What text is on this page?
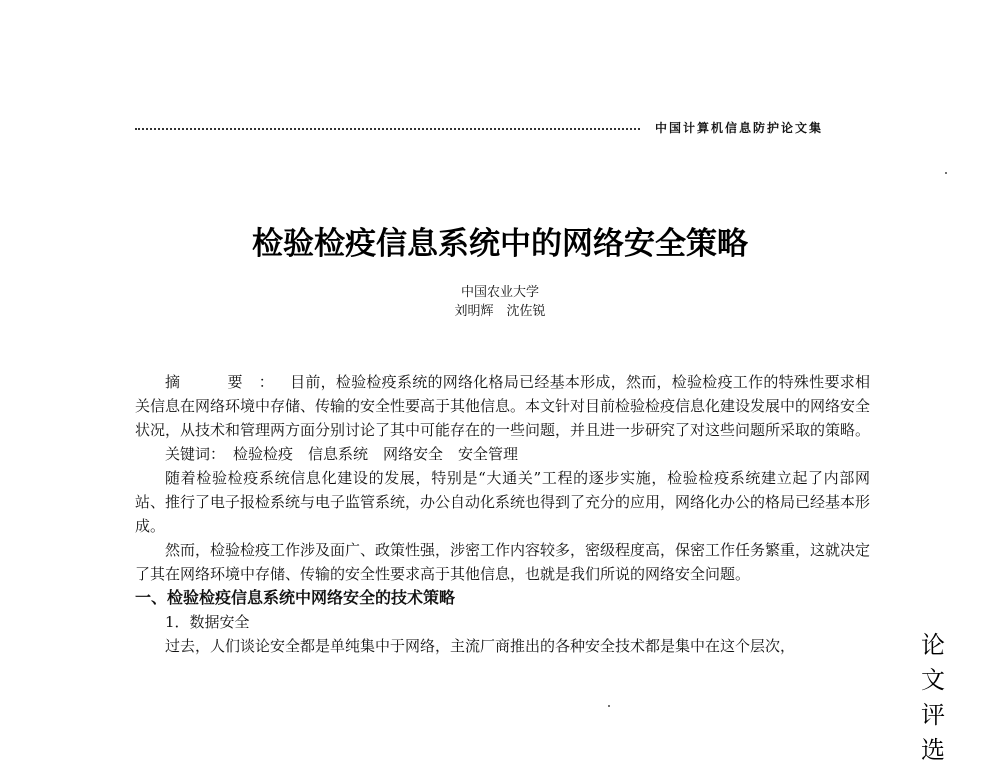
中国计算机信息防护论文集
检验检疫信息系统中的网络安全策略
中国农业大学
刘明辉　沈佐锐

摘　要：目前，检验检疫系统的网络化格局已经基本形成，然而，检验检疫工作的特殊性要求相关信息在网络环境中存储、传输的安全性要高于其他信息。本文针对目前检验检疫信息化建设发展中的网络安全状况，从技术和管理两方面分别讨论了其中可能存在的一些问题，并且进一步研究了对这些问题所采取的策略。

关键词： 检验检疫　信息系统　网络安全　安全管理

随着检验检疫系统信息化建设的发展，特别是“大通关”工程的逐步实施，检验检疫系统建立起了内部网站、推行了电子报检系统与电子监管系统，办公自动化系统也得到了充分的应用，网络化办公的格局已经基本形成。

然而，检验检疫工作涉及面广、政策性强，涉密工作内容较多，密级程度高，保密工作任务繁重，这就决定了其在网络环境中存储、传输的安全性要求高于其他信息，也就是我们所说的网络安全问题。

一、检验检疫信息系统中网络安全的技术策略

1．数据安全

过去，人们谈论安全都是单纯集中于网络，主流厂商推出的各种安全技术都是集中在这个层次，	论
文
评
选
